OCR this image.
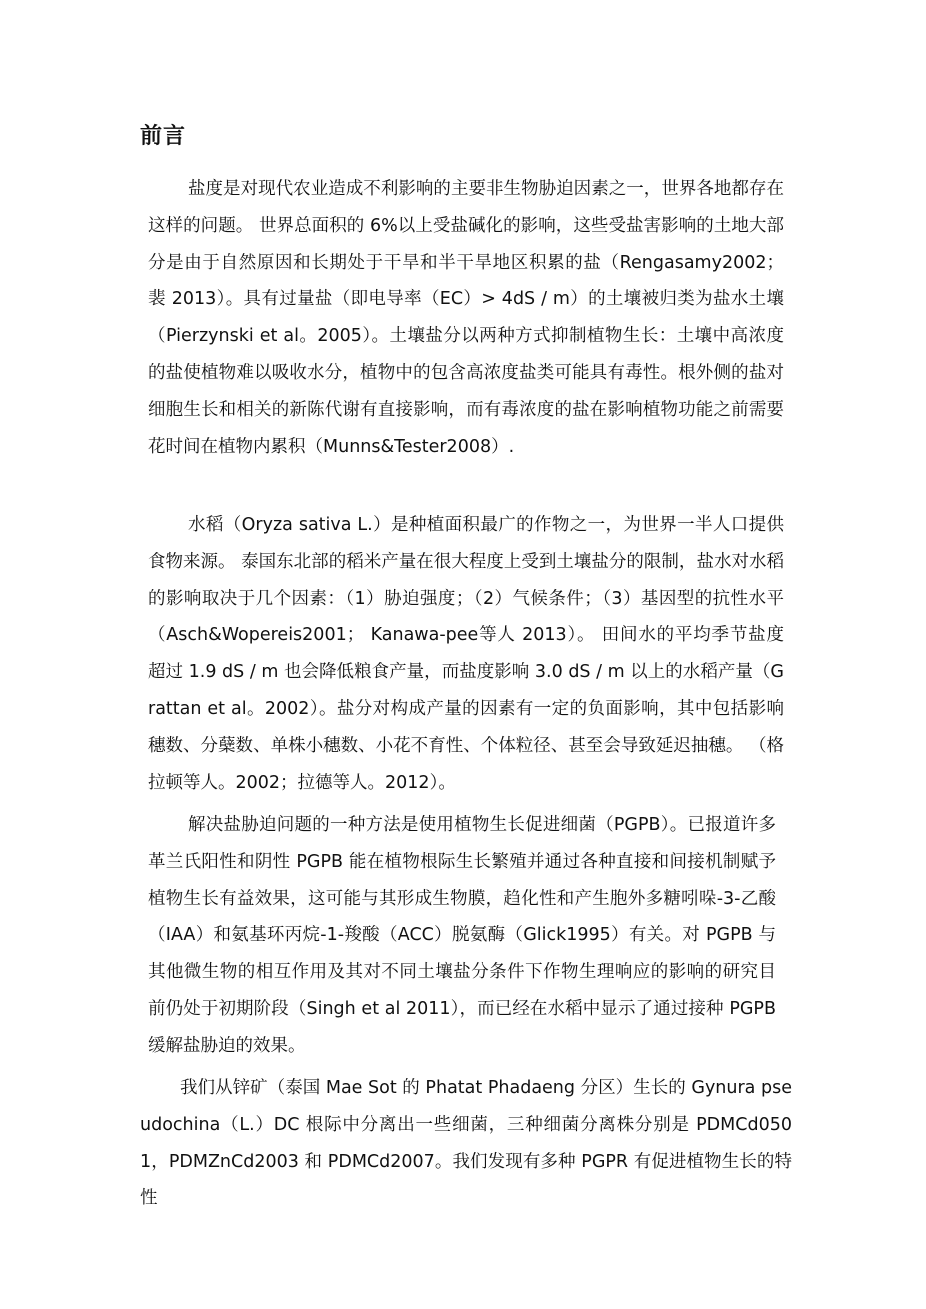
前言

盐度是对现代农业造成不利影响的主要非生物胁迫因素之一，世界各地都存在这样的问题。 世界总面积的 6%以上受盐碱化的影响，这些受盐害影响的土地大部分是由于自然原因和长期处于干旱和半干旱地区积累的盐（Rengasamy2002；裴 2013）。具有过量盐（即电导率（EC）> 4dS / m）的土壤被归类为盐水土壤（Pierzynski et al。2005）。土壤盐分以两种方式抑制植物生长：土壤中高浓度的盐使植物难以吸收水分，植物中的包含高浓度盐类可能具有毒性。根外侧的盐对细胞生长和相关的新陈代谢有直接影响，而有毒浓度的盐在影响植物功能之前需要花时间在植物内累积（Munns&Tester2008）.

水稻（Oryza sativa L.）是种植面积最广的作物之一，为世界一半人口提供食物来源。 泰国东北部的稻米产量在很大程度上受到土壤盐分的限制，盐水对水稻的影响取决于几个因素：（1）胁迫强度；（2）气候条件；（3）基因型的抗性水平（Asch&Wopereis2001； Kanawa-pee等人 2013）。 田间水的平均季节盐度超过 1.9 dS / m 也会降低粮食产量，而盐度影响 3.0 dS / m 以上的水稻产量（Grattan et al。2002）。盐分对构成产量的因素有一定的负面影响，其中包括影响穗数、分蘖数、单株小穗数、小花不育性、个体粒径、甚至会导致延迟抽穗。 （格拉顿等人。2002；拉德等人。2012）。

解决盐胁迫问题的一种方法是使用植物生长促进细菌（PGPB）。已报道许多革兰氏阳性和阴性 PGPB 能在植物根际生长繁殖并通过各种直接和间接机制赋予植物生长有益效果，这可能与其形成生物膜，趋化性和产生胞外多糖吲哚-3-乙酸（IAA）和氨基环丙烷-1-羧酸（ACC）脱氨酶（Glick1995）有关。对 PGPB 与其他微生物的相互作用及其对不同土壤盐分条件下作物生理响应的影响的研究目前仍处于初期阶段（Singh et al 2011），而已经在水稻中显示了通过接种 PGPB 缓解盐胁迫的效果。

我们从锌矿（泰国 Mae Sot 的 Phatat Phadaeng 分区）生长的 Gynura pseudochina（L.）DC 根际中分离出一些细菌，三种细菌分离株分别是 PDMCd0501，PDMZnCd2003 和 PDMCd2007。我们发现有多种 PGPR 有促进植物生长的特性
